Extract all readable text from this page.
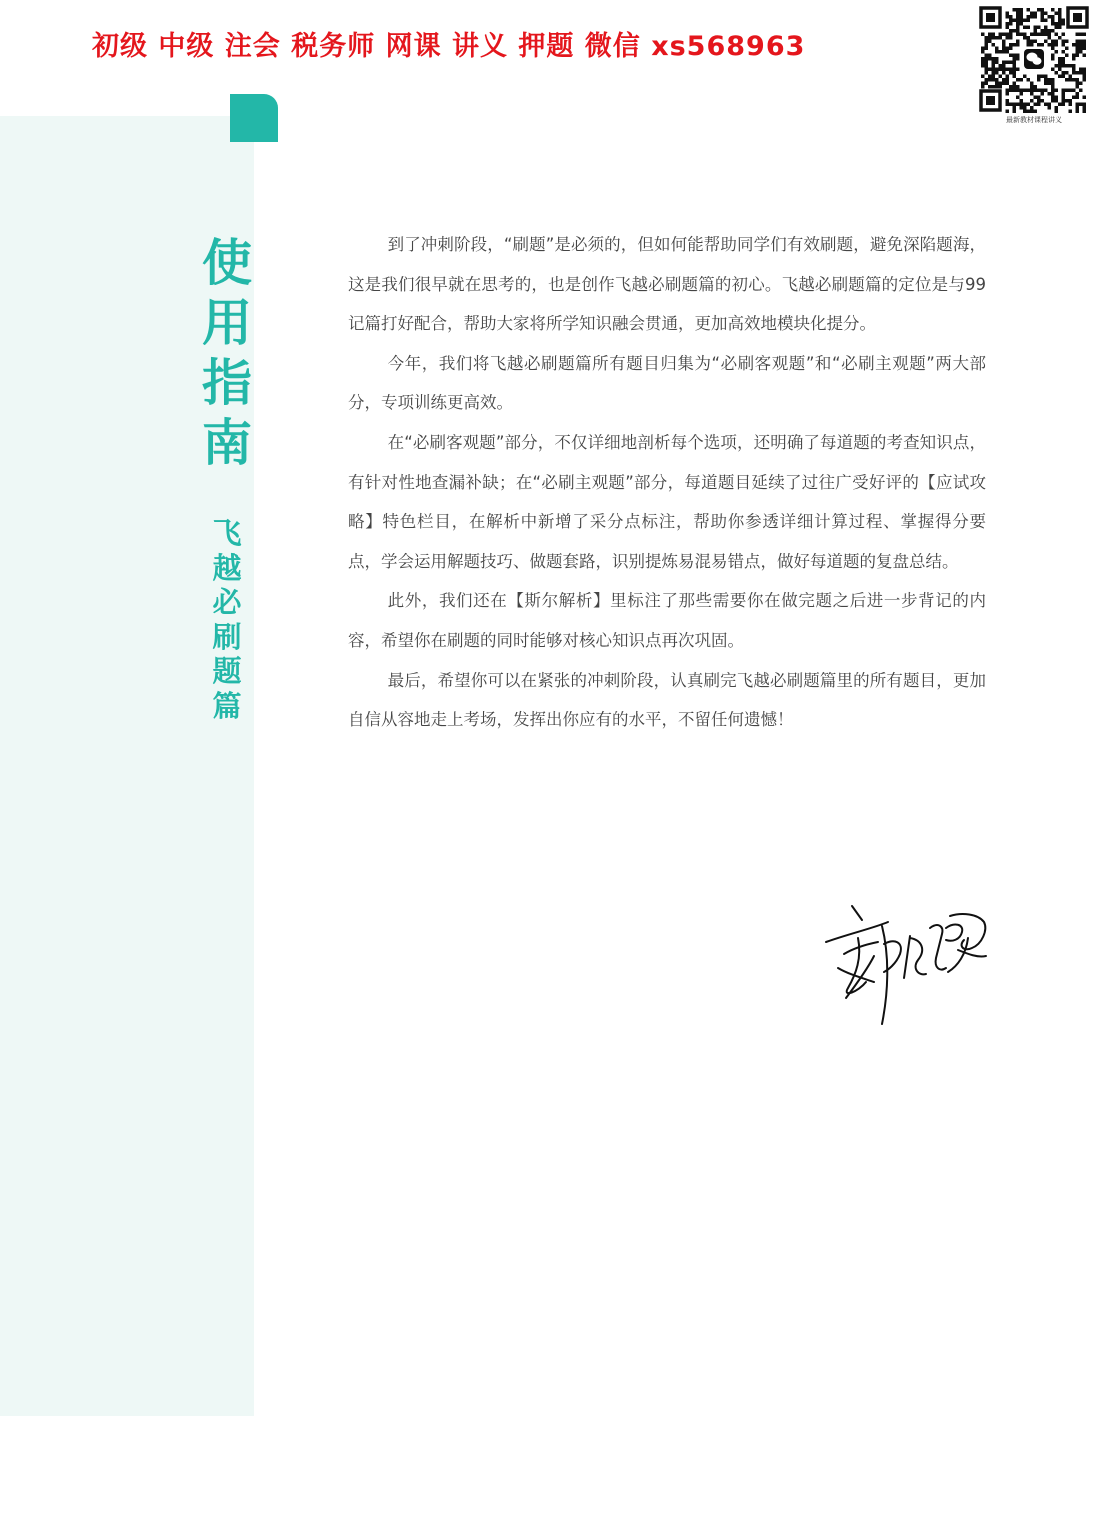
初级 中级 注会 税务师 网课 讲义 押题 微信 xs568963
最新教材课程讲义
使
用
指
南
飞
越
必
刷
题
篇

到了冲刺阶段，“刷题”是必须的，但如何能帮助同学们有效刷题，避免深陷题海，这是我们很早就在思考的，也是创作飞越必刷题篇的初心。飞越必刷题篇的定位是与99记篇打好配合，帮助大家将所学知识融会贯通，更加高效地模块化提分。

今年，我们将飞越必刷题篇所有题目归集为“必刷客观题”和“必刷主观题”两大部分，专项训练更高效。

在“必刷客观题”部分，不仅详细地剖析每个选项，还明确了每道题的考查知识点，有针对性地查漏补缺；在“必刷主观题”部分，每道题目延续了过往广受好评的【应试攻略】特色栏目，在解析中新增了采分点标注，帮助你参透详细计算过程、掌握得分要点，学会运用解题技巧、做题套路，识别提炼易混易错点，做好每道题的复盘总结。

此外，我们还在【斯尔解析】里标注了那些需要你在做完题之后进一步背记的内容，希望你在刷题的同时能够对核心知识点再次巩固。

最后，希望你可以在紧张的冲刺阶段，认真刷完飞越必刷题篇里的所有题目，更加自信从容地走上考场，发挥出你应有的水平，不留任何遗憾！
